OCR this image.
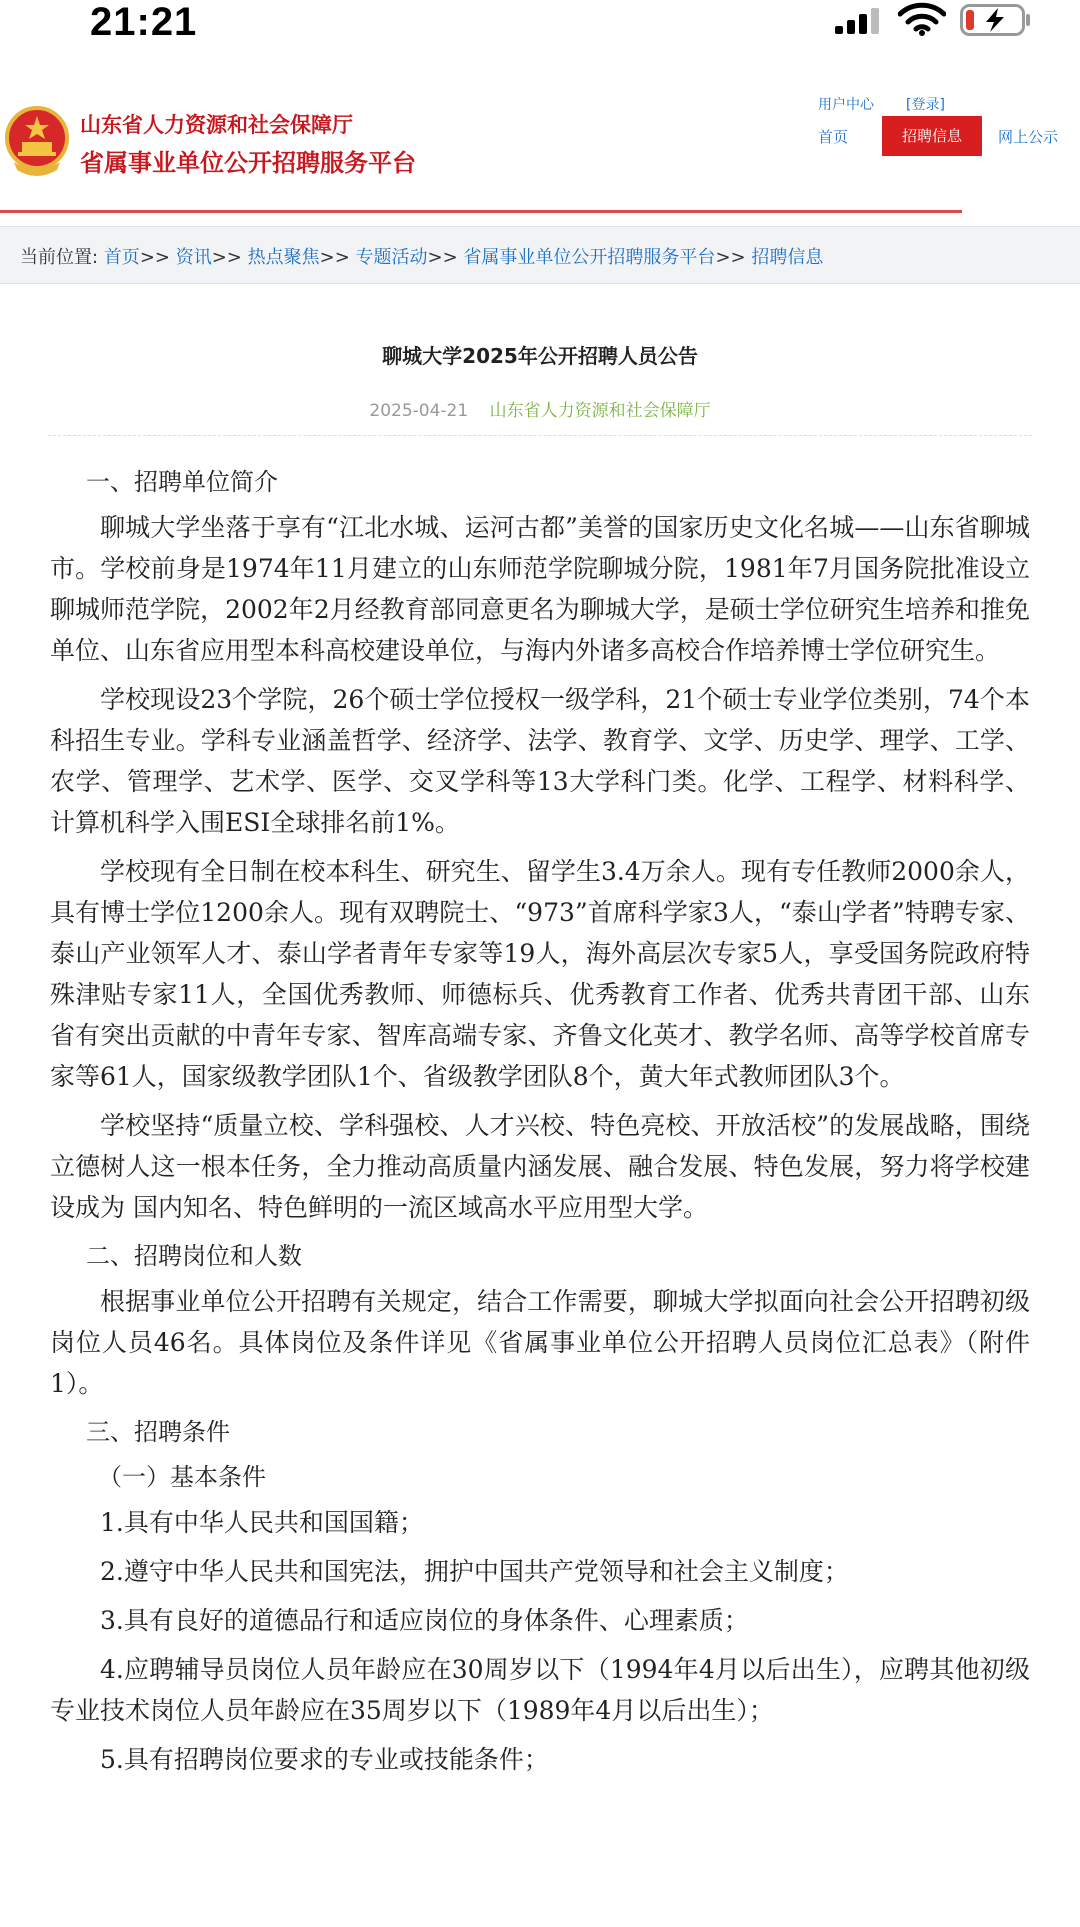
21:21
山东省人力资源和社会保障厅
省属事业单位公开招聘服务平台
用户中心 [登录]
首页	招聘信息	网上公示
当前位置: 首页>> 资讯>> 热点聚焦>> 专题活动>> 省属事业单位公开招聘服务平台>> 招聘信息
聊城大学2025年公开招聘人员公告
2025-04-21 山东省人力资源和社会保障厅

一、招聘单位简介

聊城大学坐落于享有“江北水城、运河古都”美誉的国家历史文化名城——山东省聊城市。学校前身是1974年11月建立的山东师范学院聊城分院，1981年7月国务院批准设立聊城师范学院，2002年2月经教育部同意更名为聊城大学，是硕士学位研究生培养和推免单位、山东省应用型本科高校建设单位，与海内外诸多高校合作培养博士学位研究生。

学校现设23个学院，26个硕士学位授权一级学科，21个硕士专业学位类别，74个本科招生专业。学科专业涵盖哲学、经济学、法学、教育学、文学、历史学、理学、工学、农学、管理学、艺术学、医学、交叉学科等13大学科门类。化学、工程学、材料科学、计算机科学入围ESI全球排名前1%。

学校现有全日制在校本科生、研究生、留学生3.4万余人。现有专任教师2000余人，具有博士学位1200余人。现有双聘院士、“973”首席科学家3人，“泰山学者”特聘专家、泰山产业领军人才、泰山学者青年专家等19人，海外高层次专家5人，享受国务院政府特殊津贴专家11人，全国优秀教师、师德标兵、优秀教育工作者、优秀共青团干部、山东省有突出贡献的中青年专家、智库高端专家、齐鲁文化英才、教学名师、高等学校首席专家等61人，国家级教学团队1个、省级教学团队8个，黄大年式教师团队3个。

学校坚持“质量立校、学科强校、人才兴校、特色亮校、开放活校”的发展战略，围绕立德树人这一根本任务，全力推动高质量内涵发展、融合发展、特色发展，努力将学校建设成为 国内知名、特色鲜明的一流区域高水平应用型大学。

二、招聘岗位和人数

根据事业单位公开招聘有关规定，结合工作需要，聊城大学拟面向社会公开招聘初级岗位人员46名。具体岗位及条件详见《省属事业单位公开招聘人员岗位汇总表》（附件1）。

三、招聘条件

（一）基本条件

1.具有中华人民共和国国籍；

2.遵守中华人民共和国宪法，拥护中国共产党领导和社会主义制度；

3.具有良好的道德品行和适应岗位的身体条件、心理素质；

4.应聘辅导员岗位人员年龄应在30周岁以下（1994年4月以后出生），应聘其他初级专业技术岗位人员年龄应在35周岁以下（1989年4月以后出生）；

5.具有招聘岗位要求的专业或技能条件；
